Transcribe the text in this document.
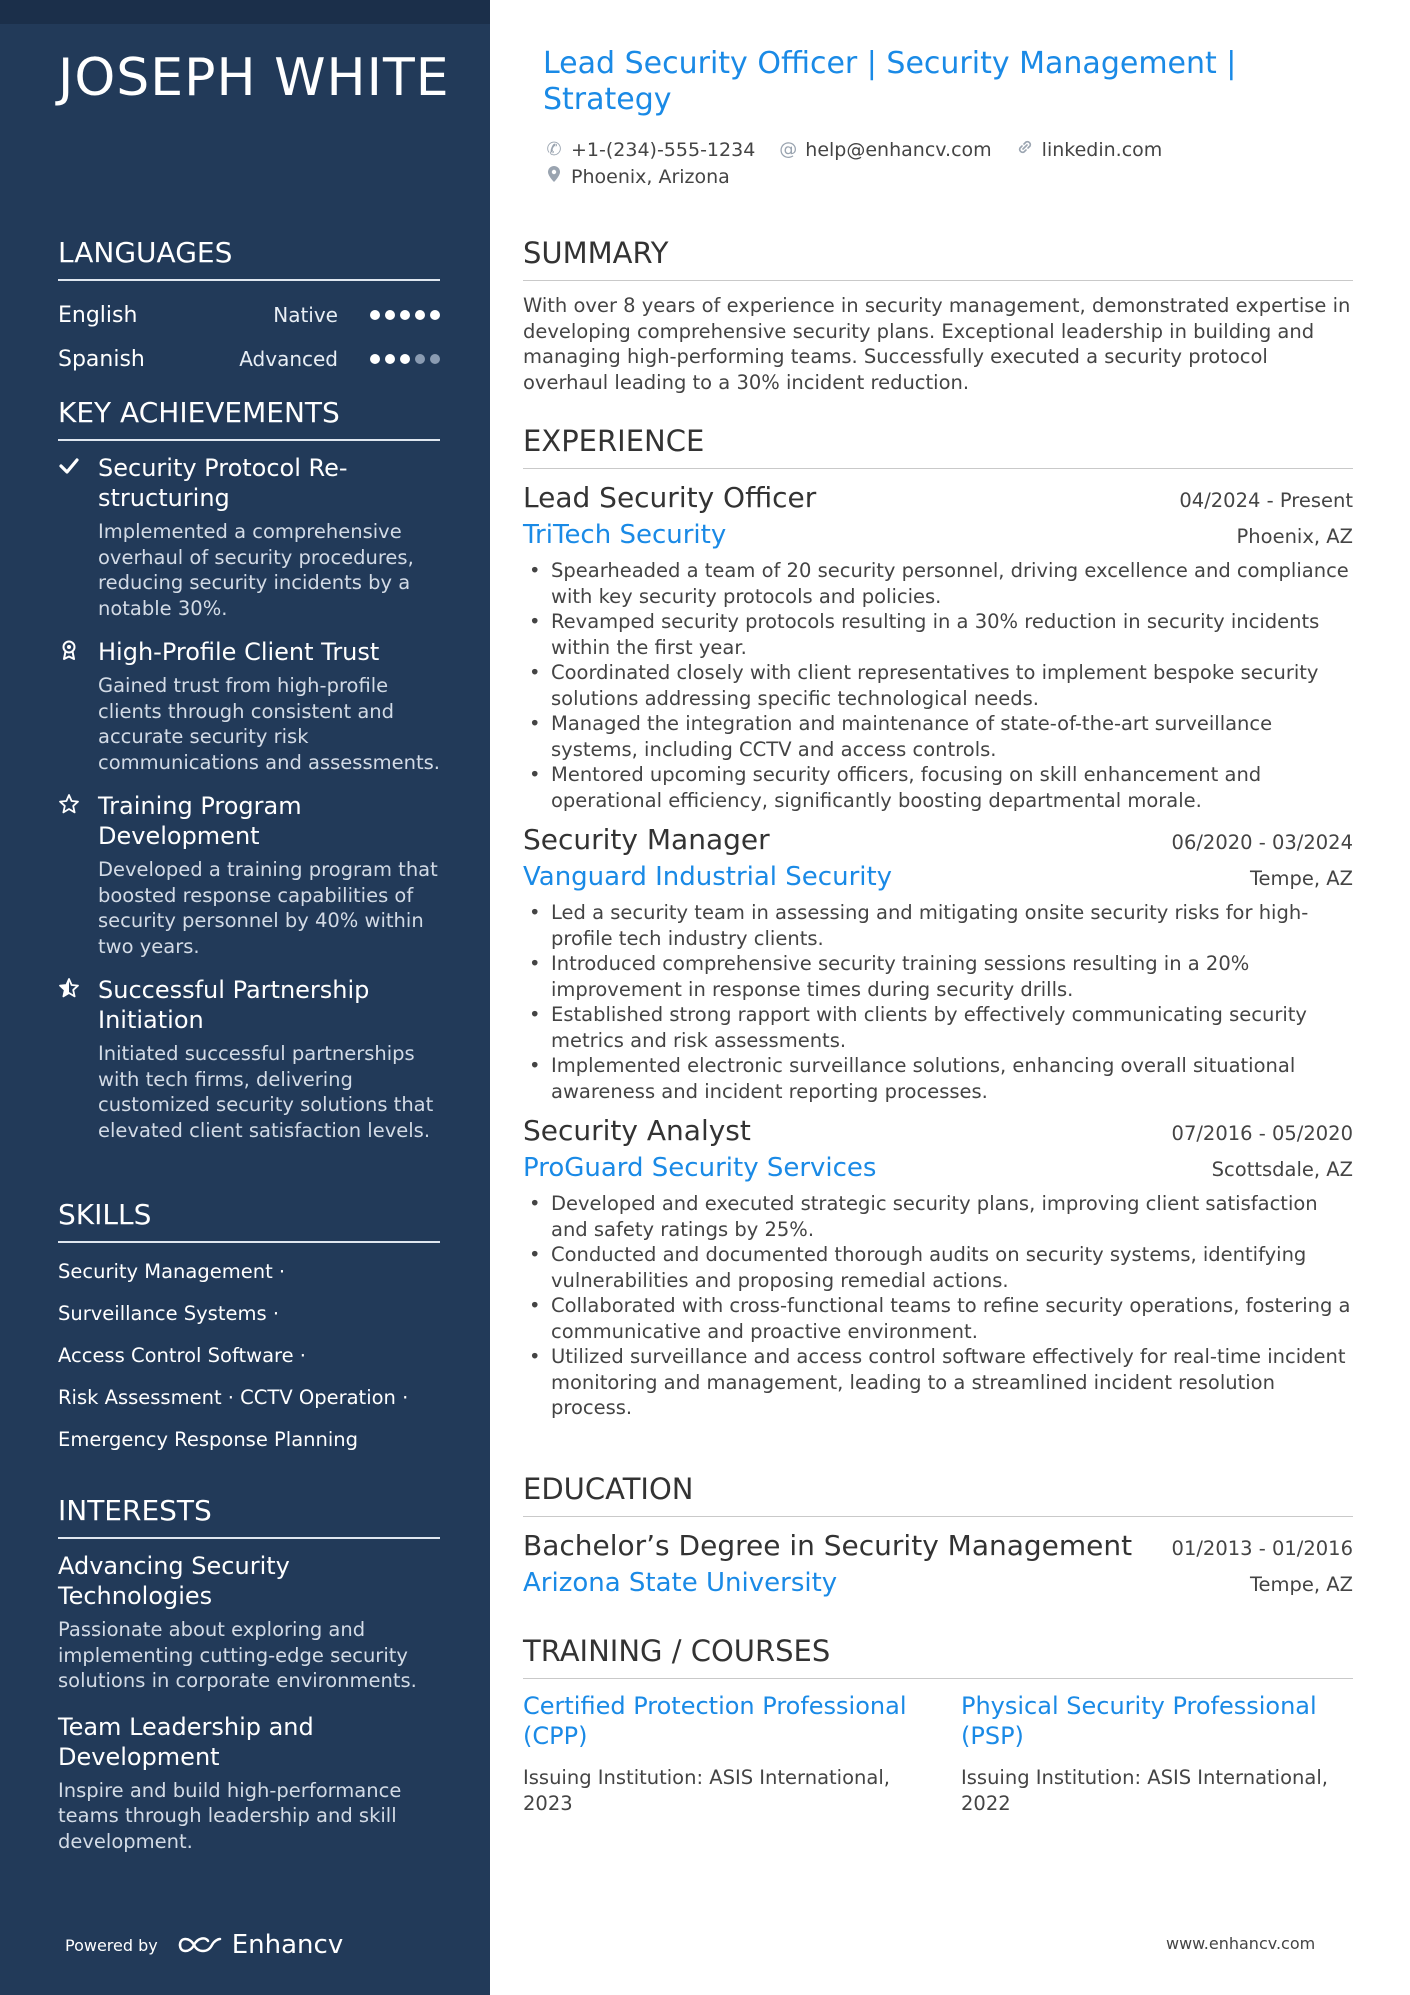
JOSEPH WHITE
LANGUAGES
English	Native
Spanish	Advanced
KEY ACHIEVEMENTS
Security Protocol Re-structuring
Implemented a comprehensive overhaul of security procedures, reducing security incidents by a notable 30%.
High-Profile Client Trust
Gained trust from high-profile clients through consistent and accurate security risk communications and assessments.
Training Program Development
Developed a training program that boosted response capabilities of security personnel by 40% within two years.
Successful Partnership Initiation
Initiated successful partnerships with tech firms, delivering customized security solutions that elevated client satisfaction levels.
SKILLS
Security Management ·
Surveillance Systems ·
Access Control Software ·
Risk Assessment · CCTV Operation ·
Emergency Response Planning
INTERESTS
Advancing Security Technologies
Passionate about exploring and implementing cutting-edge security solutions in corporate environments.
Team Leadership and Development
Inspire and build high-performance teams through leadership and skill development.
Powered by	Enhancv
Lead Security Officer | Security Management | Strategy
✆ +1-(234)-555-1234 @ help@enhancv.com	linkedin.com
Phoenix, Arizona
SUMMARY
With over 8 years of experience in security management, demonstrated expertise in developing comprehensive security plans. Exceptional leadership in building and managing high-performing teams. Successfully executed a security protocol overhaul leading to a 30% incident reduction.
EXPERIENCE
Lead Security Officer	04/2024 - Present
TriTech Security	Phoenix, AZ
• Spearheaded a team of 20 security personnel, driving excellence and compliance with key security protocols and policies.
• Revamped security protocols resulting in a 30% reduction in security incidents within the first year.
• Coordinated closely with client representatives to implement bespoke security solutions addressing specific technological needs.
• Managed the integration and maintenance of state-of-the-art surveillance systems, including CCTV and access controls.
• Mentored upcoming security officers, focusing on skill enhancement and operational efficiency, significantly boosting departmental morale.
Security Manager	06/2020 - 03/2024
Vanguard Industrial Security	Tempe, AZ
• Led a security team in assessing and mitigating onsite security risks for high-profile tech industry clients.
• Introduced comprehensive security training sessions resulting in a 20% improvement in response times during security drills.
• Established strong rapport with clients by effectively communicating security metrics and risk assessments.
• Implemented electronic surveillance solutions, enhancing overall situational awareness and incident reporting processes.
Security Analyst	07/2016 - 05/2020
ProGuard Security Services	Scottsdale, AZ
• Developed and executed strategic security plans, improving client satisfaction and safety ratings by 25%.
• Conducted and documented thorough audits on security systems, identifying vulnerabilities and proposing remedial actions.
• Collaborated with cross-functional teams to refine security operations, fostering a communicative and proactive environment.
• Utilized surveillance and access control software effectively for real-time incident monitoring and management, leading to a streamlined incident resolution process.
EDUCATION
Bachelor’s Degree in Security Management 01/2013 - 01/2016
Arizona State University	Tempe, AZ
TRAINING / COURSES
Certified Protection Professional (CPP)
Issuing Institution: ASIS International, 2023
Physical Security Professional (PSP)
Issuing Institution: ASIS International, 2022
www.enhancv.com
